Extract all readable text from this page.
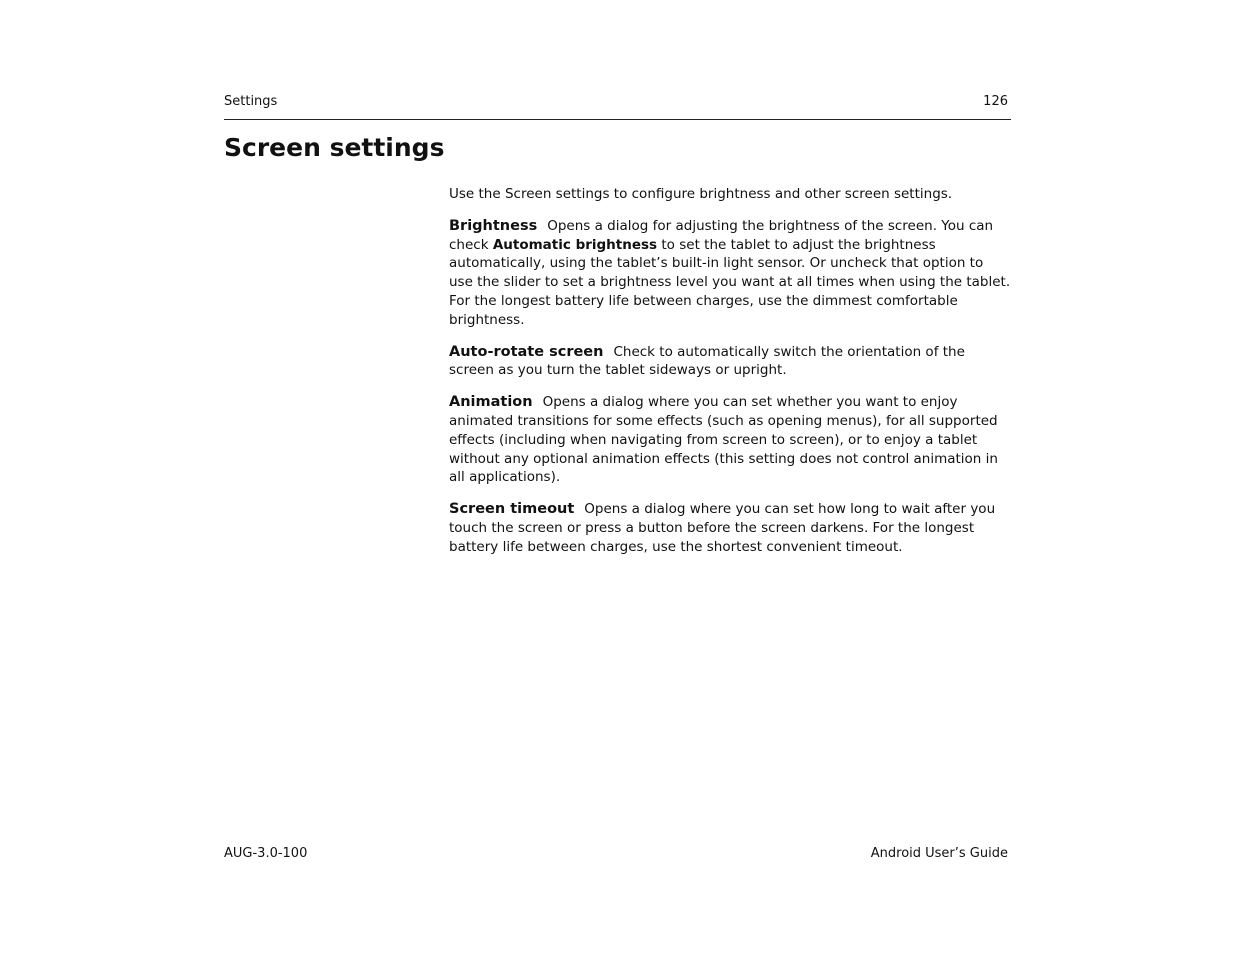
Settings	126
Screen settings

Use the Screen settings to configure brightness and other screen settings.

Brightness Opens a dialog for adjusting the brightness of the screen. You can check Automatic brightness to set the tablet to adjust the brightness automatically, using the tablet’s built-in light sensor. Or uncheck that option to use the slider to set a brightness level you want at all times when using the tablet. For the longest battery life between charges, use the dimmest comfortable brightness.

Auto-rotate screen Check to automatically switch the orientation of the screen as you turn the tablet sideways or upright.

Animation Opens a dialog where you can set whether you want to enjoy animated transitions for some effects (such as opening menus), for all supported effects (including when navigating from screen to screen), or to enjoy a tablet without any optional animation effects (this setting does not control animation in all applications).

Screen timeout Opens a dialog where you can set how long to wait after you touch the screen or press a button before the screen darkens. For the longest battery life between charges, use the shortest convenient timeout.

AUG-3.0-100	Android User’s Guide
